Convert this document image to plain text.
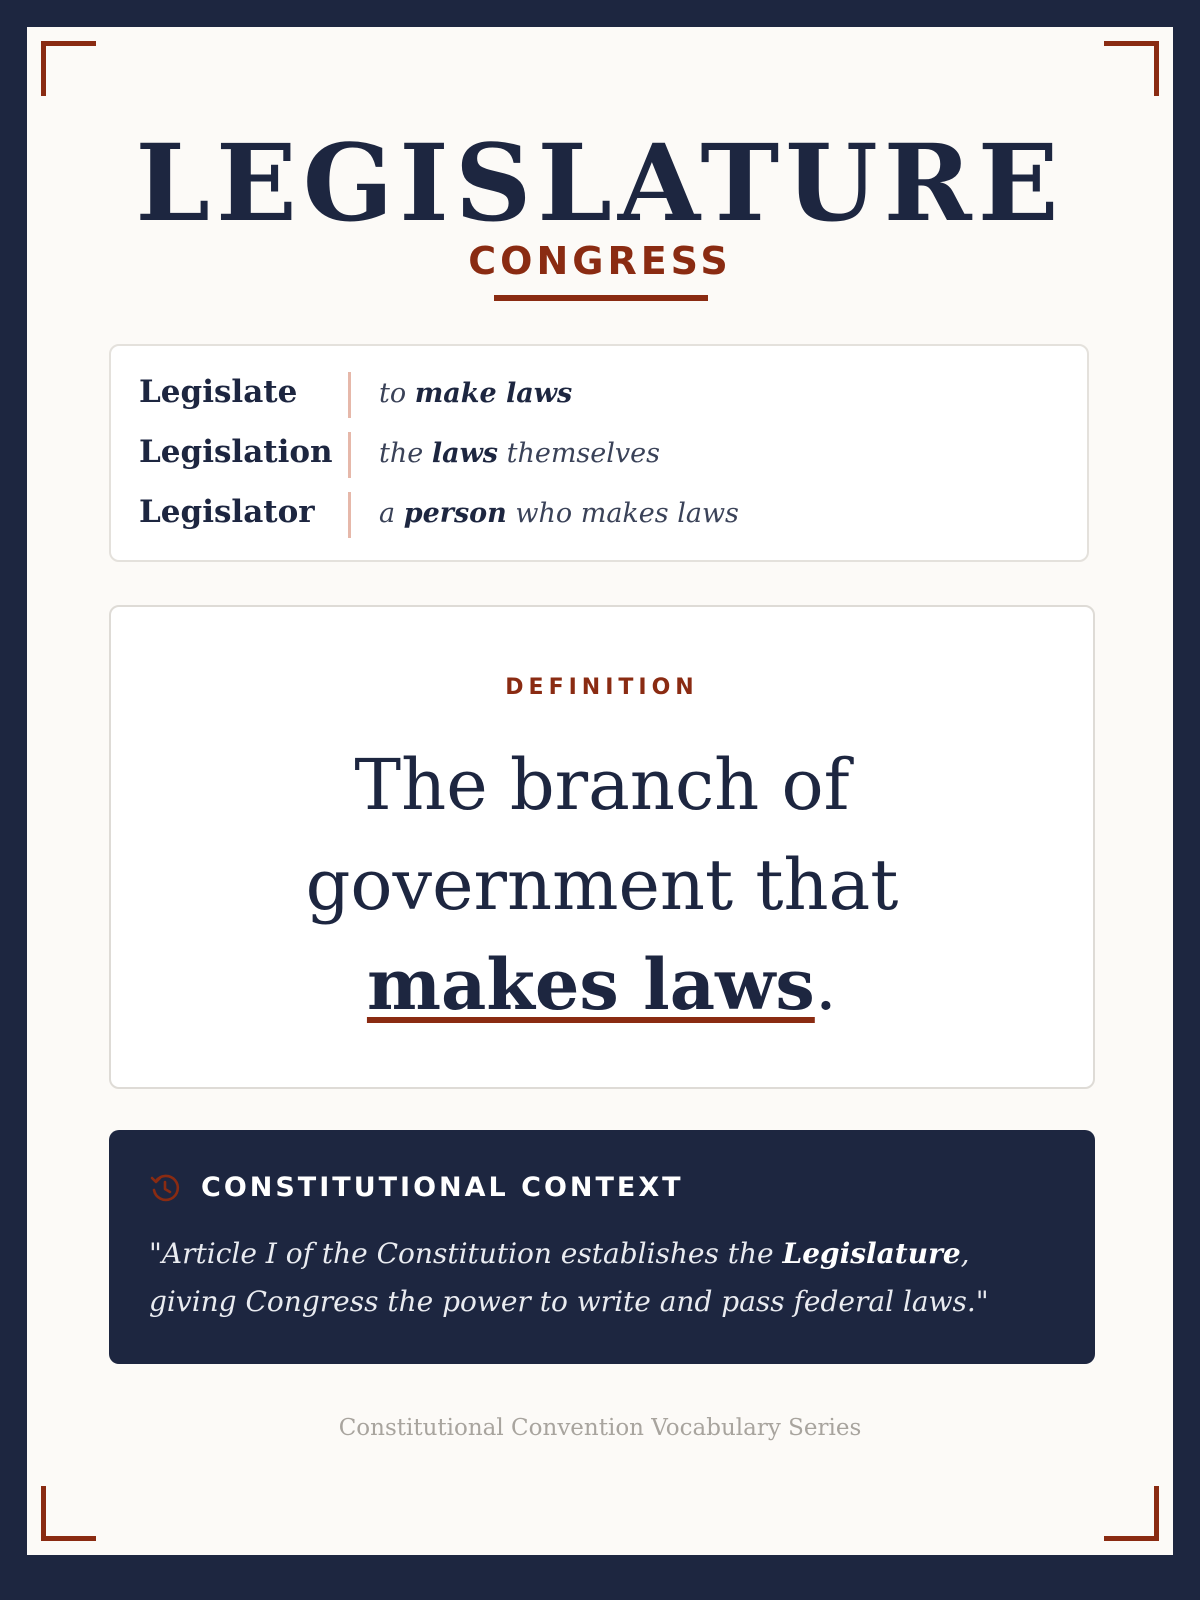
LEGISLATURE
CONGRESS
Legislate	to make laws
Legislation the laws themselves
Legislator a person who makes laws
DEFINITION
The branch of
government that
makes laws.
CONSTITUTIONAL CONTEXT
"Article I of the Constitution establishes the Legislature, giving Congress the power to write and pass federal laws."
Constitutional Convention Vocabulary Series
